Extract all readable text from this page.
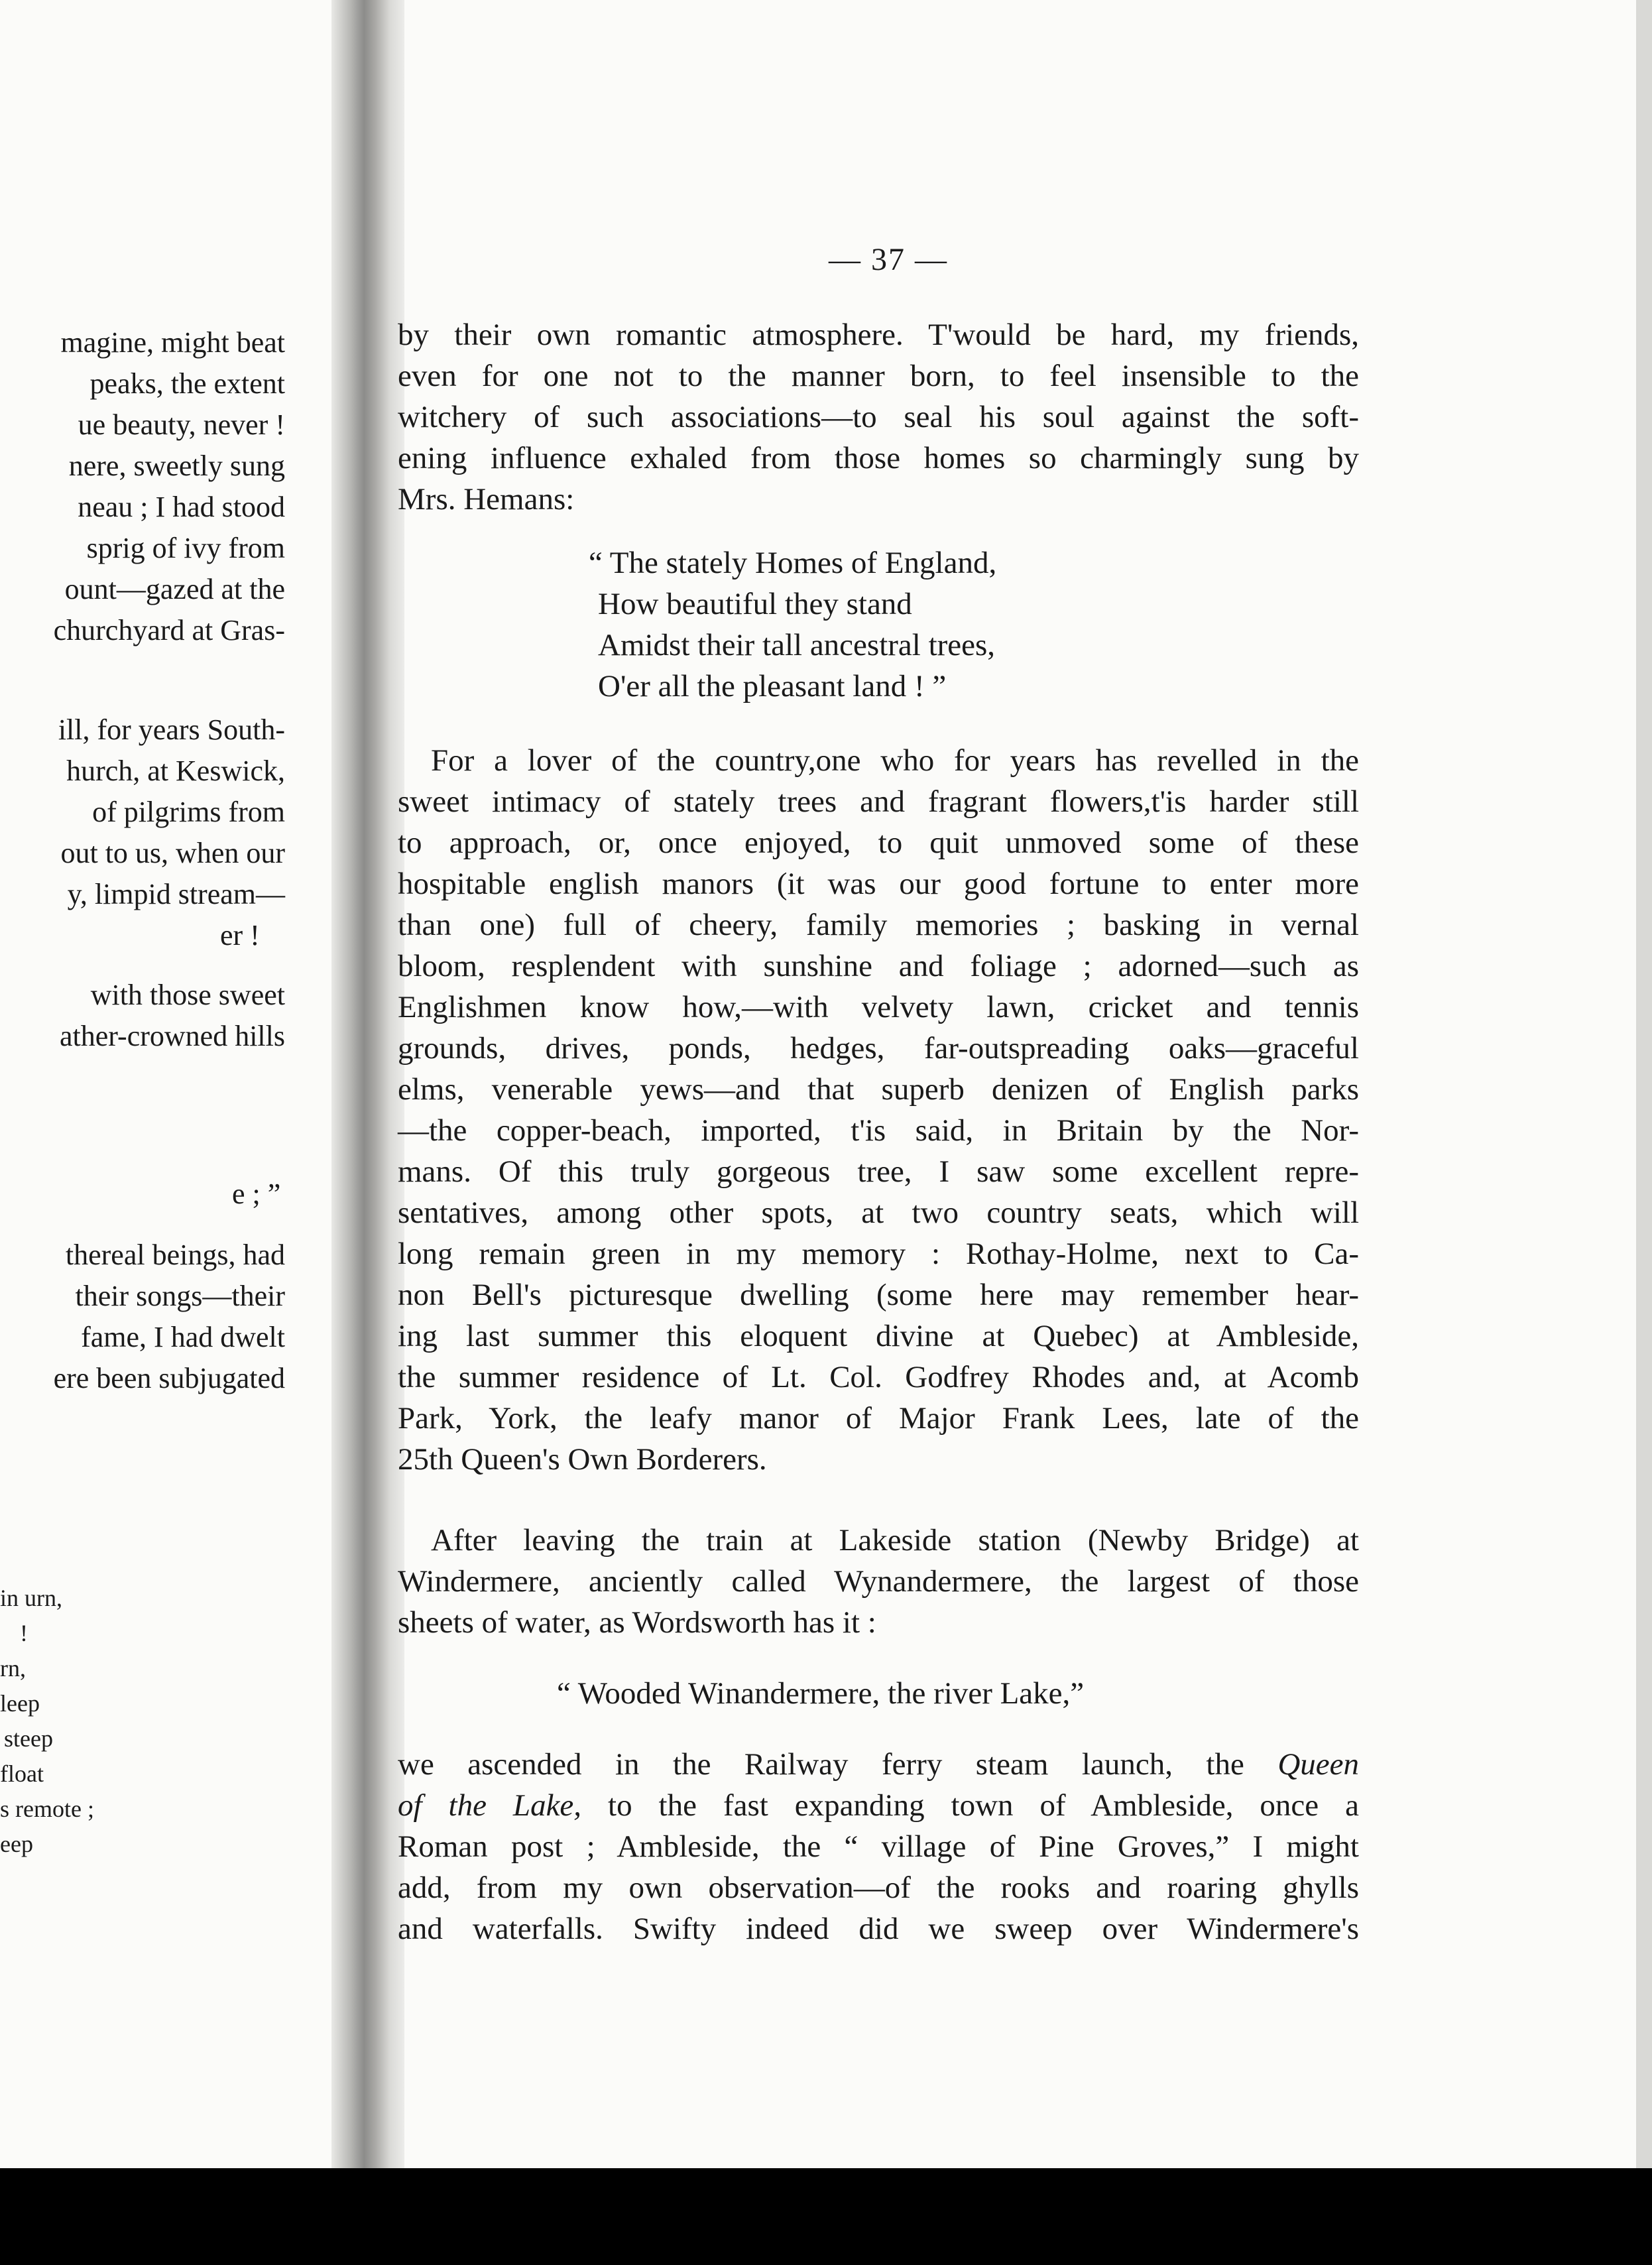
magine, might beat
peaks, the extent
ue beauty, never !
nere, sweetly sung
neau ; I had stood
sprig of ivy from
ount—gazed at the
churchyard at Gras-
ill, for years South-
hurch, at Keswick,
of pilgrims from
out to us, when our
y, limpid stream—
er !
with those sweet
ather-crowned hills
e ; ”
thereal beings, had
their songs—their
fame, I had dwelt
ere been subjugated
in urn,
!
rn,
leep
steep
float
s remote ;
eep
— 37 —
by their own romantic atmosphere. T'would be hard, my friends,
even for one not to the manner born, to feel insensible to the
witchery of such associations—to seal his soul against the soft-
ening influence exhaled from those homes so charmingly sung by
Mrs. Hemans:
“ The stately Homes of England,
How beautiful they stand
Amidst their tall ancestral trees,
O'er all the pleasant land ! ”
For a lover of the country,one who for years has revelled in the
sweet intimacy of stately trees and fragrant flowers,t'is harder still
to approach, or, once enjoyed, to quit unmoved some of these
hospitable english manors (it was our good fortune to enter more
than one) full of cheery, family memories ; basking in vernal
bloom, resplendent with sunshine and foliage ; adorned—such as
Englishmen know how,—with velvety lawn, cricket and tennis
grounds, drives, ponds, hedges, far-outspreading oaks—graceful
elms, venerable yews—and that superb denizen of English parks
—the copper-beach, imported, t'is said, in Britain by the Nor-
mans. Of this truly gorgeous tree, I saw some excellent repre-
sentatives, among other spots, at two country seats, which will
long remain green in my memory : Rothay-Holme, next to Ca-
non Bell's picturesque dwelling (some here may remember hear-
ing last summer this eloquent divine at Quebec) at Ambleside,
the summer residence of Lt. Col. Godfrey Rhodes and, at Acomb
Park, York, the leafy manor of Major Frank Lees, late of the
25th Queen's Own Borderers.
After leaving the train at Lakeside station (Newby Bridge) at
Windermere, anciently called Wynandermere, the largest of those
sheets of water, as Wordsworth has it :
“ Wooded Winandermere, the river Lake,”
we ascended in the Railway ferry steam launch, the Queen
of the Lake, to the fast expanding town of Ambleside, once a
Roman post ; Ambleside, the “ village of Pine Groves,” I might
add, from my own observation—of the rooks and roaring ghylls
and waterfalls. Swifty indeed did we sweep over Windermere's
